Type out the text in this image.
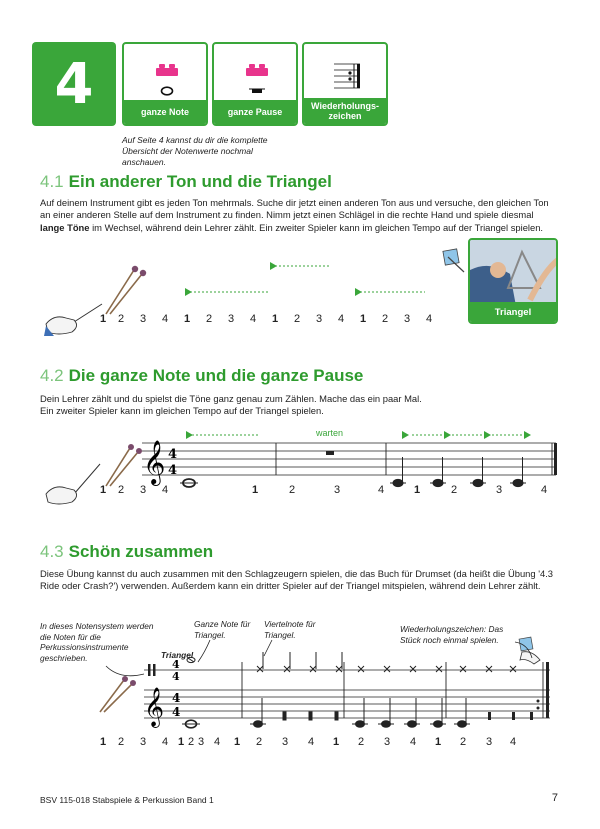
4	ganze Note	ganze Pause
Wiederholungs-
zeichen
Auf Seite 4 kannst du dir die komplette Übersicht der Notenwerte nochmal anschauen.
4.1 Ein anderer Ton und die Triangel
Auf deinem Instrument gibt es jeden Ton mehrmals. Suche dir jetzt einen anderen Ton aus und versuche, den gleichen Ton an einer anderen Stelle auf dem Instrument zu finden. Nimm jetzt einen Schlägel in die rechte Hand und spiele diesmal lange Töne im Wechsel, während dein Lehrer zählt. Ein zweiter Spieler kann im gleichen Tempo auf der Triangel spielen.
Triangel
1	2	3	4	1	2	3	4	1	2	3	4	1	2	3	4
4.2 Die ganze Note und die ganze Pause
Dein Lehrer zählt und du spielst die Töne ganz genau zum Zählen. Mache das ein paar Mal. Ein zweiter Spieler kann im gleichen Tempo auf der Triangel spielen.
𝄞 4
4
warten
1	2	3	4	1	2	3	4	1	2	3	4
4.3 Schön zusammen
Diese Übung kannst du auch zusammen mit den Schlagzeugern spielen, die das Buch für Drumset (da heißt die Übung '4.3 Ride oder Crash?') verwenden. Außerdem kann ein dritter Spieler auf der Triangel mitspielen, während dein Lehrer zählt.
In dieses Notensystem werden die Noten für die Perkussionsinstrumente geschrieben.	Triangel
Ganze Note für Triangel.
Viertelnote für Triangel.
Wiederholungszeichen: Das Stück noch einmal spielen.
4
4
𝄞 4
4
1	2	3	4 1 2 3 4	1	2	3	4	1	2	3	4	1	2	3	4
BSV 115-018 Stabspiele & Perkussion Band 1	7
